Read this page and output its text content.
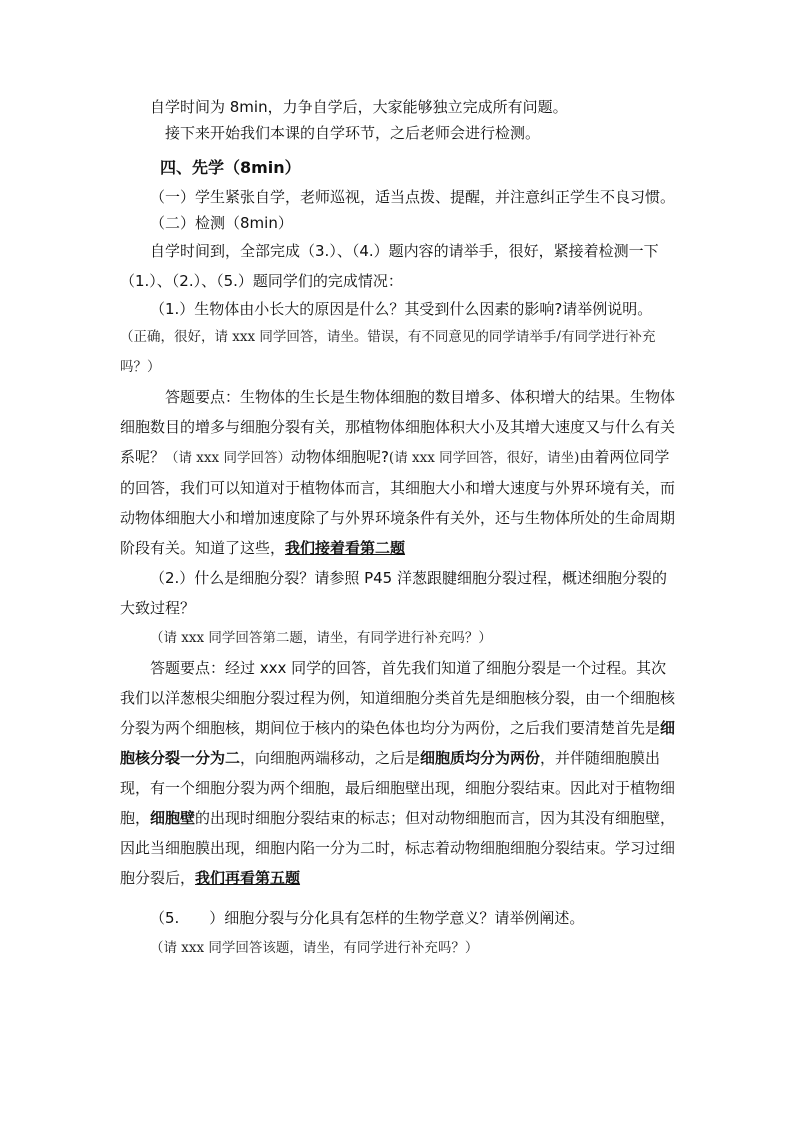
自学时间为 8min，力争自学后，大家能够独立完成所有问题。

接下来开始我们本课的自学环节，之后老师会进行检测。

四、先学（8min）

（一）学生紧张自学，老师巡视，适当点拨、提醒，并注意纠正学生不良习惯。

（二）检测（8min）

自学时间到，全部完成（3.）、（4.）题内容的请举手，很好，紧接着检测一下（1.）、（2.）、（5.）题同学们的完成情况：

（1.）生物体由小长大的原因是什么？其受到什么因素的影响?请举例说明。

（正确，很好，请 xxx 同学回答，请坐。错误，有不同意见的同学请举手/有同学进行补充吗？）

答题要点：生物体的生长是生物体细胞的数目增多、体积增大的结果。生物体细胞数目的增多与细胞分裂有关，那植物体细胞体积大小及其增大速度又与什么有关系呢？（请 xxx 同学回答）动物体细胞呢?(请 xxx 同学回答，很好，请坐)由着两位同学的回答，我们可以知道对于植物体而言，其细胞大小和增大速度与外界环境有关，而动物体细胞大小和增加速度除了与外界环境条件有关外，还与生物体所处的生命周期阶段有关。知道了这些，我们接着看第二题

（2.）什么是细胞分裂？请参照 P45 洋葱跟腱细胞分裂过程，概述细胞分裂的大致过程？

（请 xxx 同学回答第二题，请坐，有同学进行补充吗？）

答题要点：经过 xxx 同学的回答，首先我们知道了细胞分裂是一个过程。其次我们以洋葱根尖细胞分裂过程为例，知道细胞分类首先是细胞核分裂，由一个细胞核分裂为两个细胞核，期间位于核内的染色体也均分为两份，之后我们要清楚首先是细胞核分裂一分为二，向细胞两端移动，之后是细胞质均分为两份，并伴随细胞膜出现，有一个细胞分裂为两个细胞，最后细胞壁出现，细胞分裂结束。因此对于植物细胞，细胞壁的出现时细胞分裂结束的标志；但对动物细胞而言，因为其没有细胞壁，因此当细胞膜出现，细胞内陷一分为二时，标志着动物细胞细胞分裂结束。学习过细胞分裂后，我们再看第五题

（5.　　）细胞分裂与分化具有怎样的生物学意义？请举例阐述。

（请 xxx 同学回答该题，请坐，有同学进行补充吗？）
